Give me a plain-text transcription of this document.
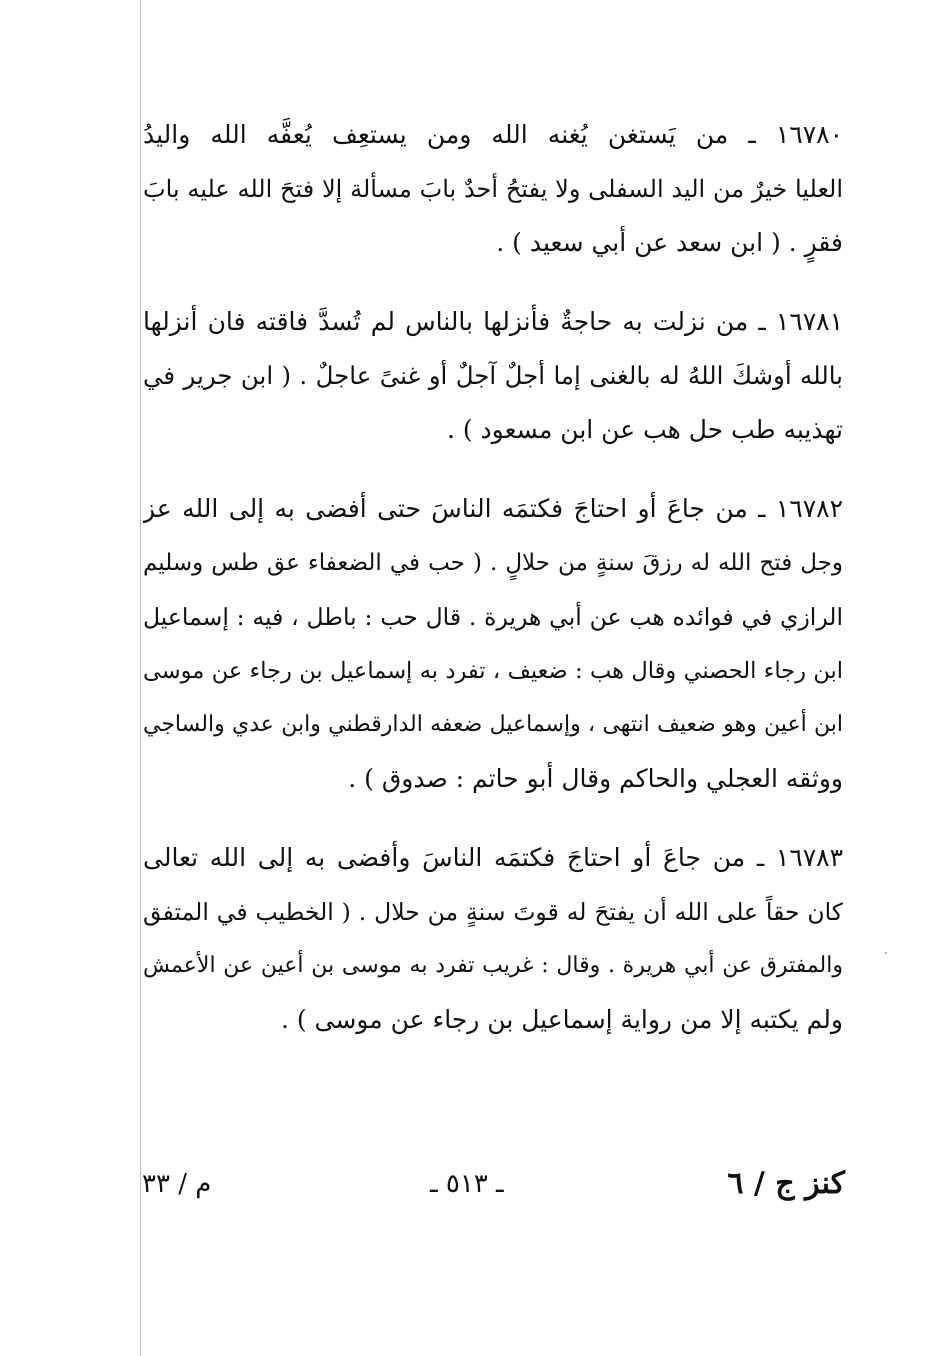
١٦٧٨٠ ـ من يَستغن يُغنه الله ومن يستعِف يُعفَّه الله واليدُ
العليا خيرٌ من اليد السفلى ولا يفتحُ أحدٌ بابَ مسألة إلا فتحَ الله عليه بابَ
فقرٍ . ( ابن سعد عن أبي سعيد ) .
١٦٧٨١ ـ من نزلت به حاجةٌ فأنزلها بالناس لم تُسدَّ فاقته فان أنزلها
بالله أوشكَ اللهُ له بالغنى إما أجلٌ آجلٌ أو غنىً عاجلٌ . ( ابن جرير في
تهذيبه طب حل هب عن ابن مسعود ) .
١٦٧٨٢ ـ من جاعَ أو احتاجَ فكتمَه الناسَ حتى أفضى به إلى الله عز
وجل فتح الله له رزقَ سنةٍ من حلالٍ . ( حب في الضعفاء عق طس وسليم
الرازي في فوائده هب عن أبي هريرة . قال حب : باطل ، فيه : إسماعيل
ابن رجاء الحصني وقال هب : ضعيف ، تفرد به إسماعيل بن رجاء عن موسى
ابن أعين وهو ضعيف انتهى ، وإسماعيل ضعفه الدارقطني وابن عدي والساجي
ووثقه العجلي والحاكم وقال أبو حاتم : صدوق ) .
١٦٧٨٣ ـ من جاعَ أو احتاجَ فكتمَه الناسَ وأفضى به إلى الله تعالى
كان حقاً على الله أن يفتحَ له قوتَ سنةٍ من حلال . ( الخطيب في المتفق
والمفترق عن أبي هريرة . وقال : غريب تفرد به موسى بن أعين عن الأعمش
ولم يكتبه إلا من رواية إسماعيل بن رجاء عن موسى ) .
كنز ج / ٦
ـ ٥١٣ ـ
م / ٣٣
